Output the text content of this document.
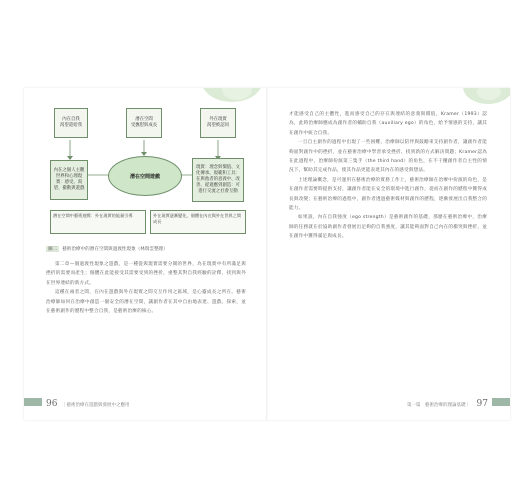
內在自我
渴望還給我
潛在空間
受撫慰與成長
外在現實
渴望被認同
內在之個人主觀世界和心理現實：感受、渴望、衝動與遊戲
潛在空間遊戲
現實：理念與價值、文化傳承、規範和工具：在與他者的意義中、改善、從適應到創造：可進行交流之社會互動
潛在空間中藝術遊戲：外在現實的能量引導	外在現實逐漸變化，個體在內在與外在世界之間成長
圖二 藝術治療中的潛在空間與過渡性現象（林瑞雲整理）

第二章—個過渡性現象之遊戲，是一種從與現實需要分開的世界，為在現實中有所滿足與挫折的需要而產生；個體在此能接受其需要受到的挫折，重整其對自我經驗的詮釋，找到與外在世界連結的新方式。

這種在兩者之間，在內在遊戲與外在現實之間交互作用之區域，是心靈成長之所在。藝術治療師如何在治療中創造一個安全的潛在空間，讓創作者在其中自由地表達、遊戲、探索，並在藝術創作的歷程中整合自我，是藝術治療的核心。

96 ｜藝術治療在遊戲與發展中之應用

才能感受自己的主體性，進而感受自己的存在與連結的意義與價值，Kramer（1993）認為，此時治療師應成為創作者的輔助自我（auxiliary ego）的角色，給予情感的支持，讓其在創作中統合自我。

一旦自主創作的過程中出現了一些困難，治療師以陪伴與鼓勵來支持創作者，讓創作者能夠面對創作中的挫折，並在藝術治療中學習承受挫折、找到新的方式解決問題；Kramer認為在此過程中，治療師扮演第三隻手（the third hand）的角色，在不干擾創作者自主性的情況下，幫助其完成作品，使其作品更能表達其內在的感受與想法。

上述理論概念，是可運用在藝術治療的實務工作上，藝術治療師在治療中扮演的角色，是在創作者需要時提供支持，讓創作者能在安全的環境中進行創作，從而在創作的歷程中獲得成長與改變；在藝術治療的過程中，創作者透過藝術媒材與創作的歷程，逐漸發展出自我整合的能力。

如果說，內在自我強度（ego strength）是藝術創作的基礎，那麼在藝術治療中，治療師的任務就在於協助創作者發展出足夠的自我強度，讓其能夠面對自己內在的衝突與挫折，並在創作中獲得滿足與成長。

第一篇　藝術治療的理論基礎｜ 97
